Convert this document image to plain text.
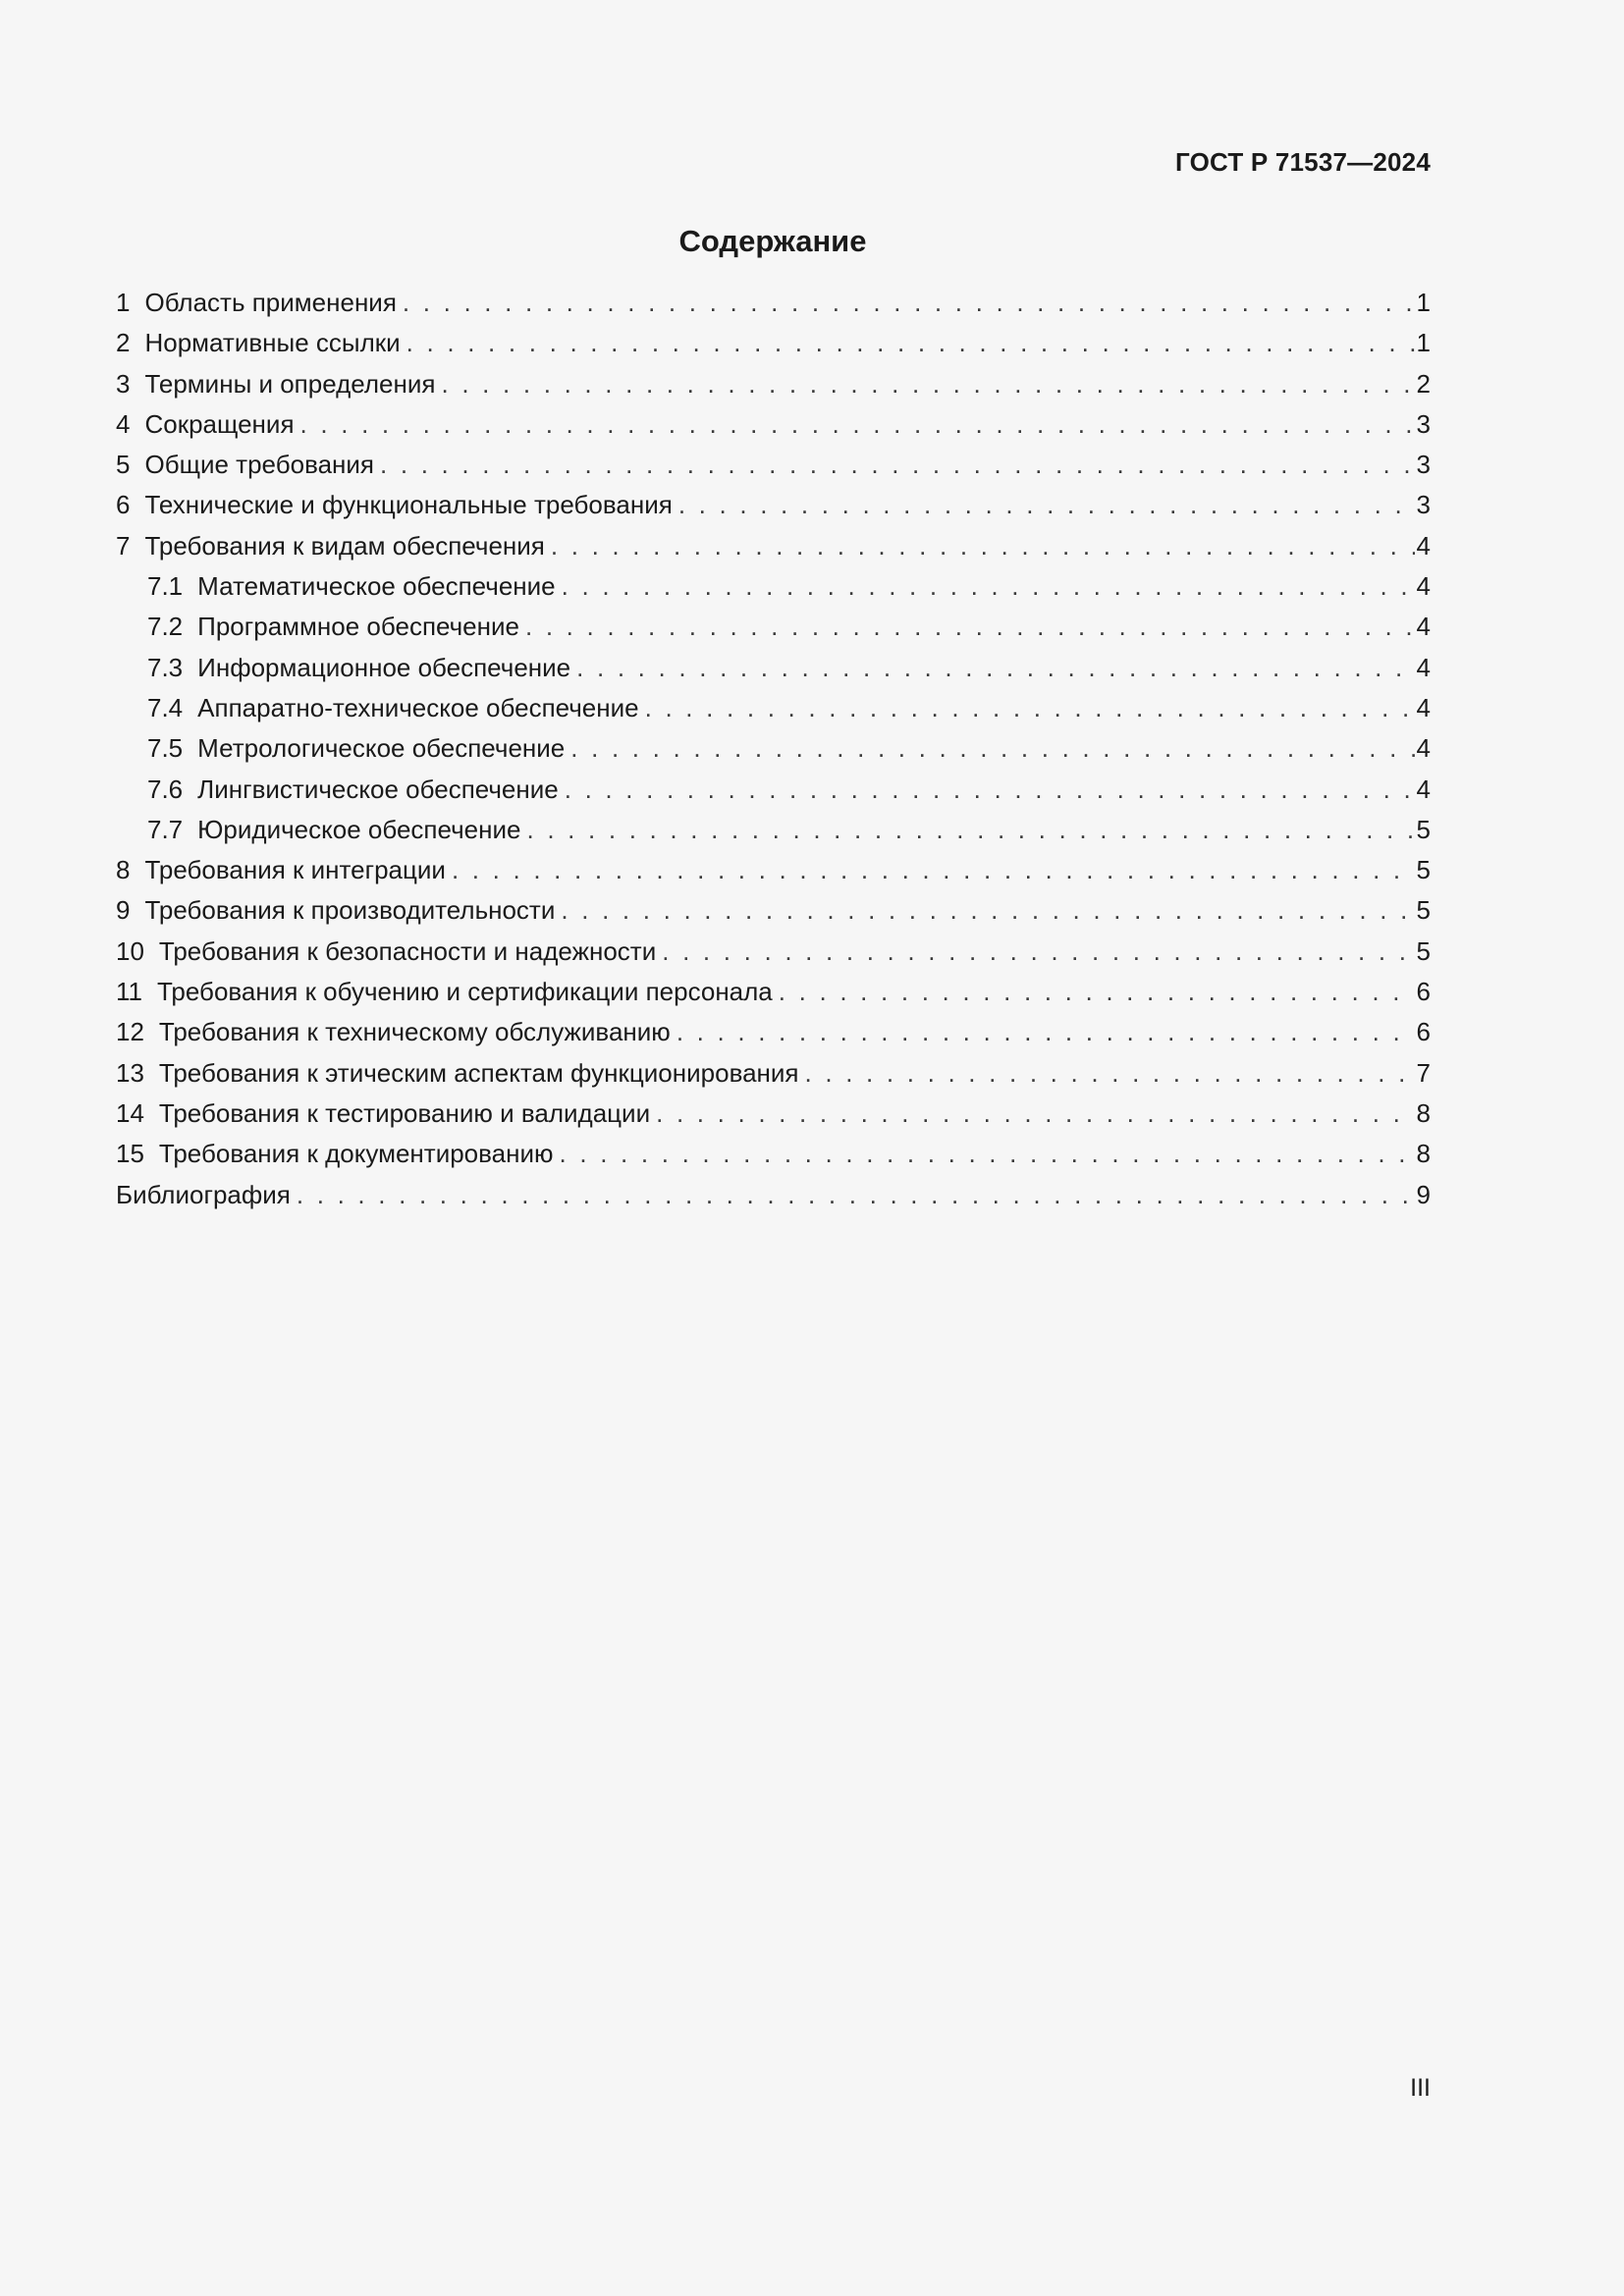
ГОСТ Р 71537—2024
Содержание
1 Область применения . . .	1
2 Нормативные ссылки . . .	1
3 Термины и определения . . .	2
4 Сокращения . . .	3
5 Общие требования . . .	3
6 Технические и функциональные требования . . .	3
7 Требования к видам обеспечения . . .	4
7.1 Математическое обеспечение . . .	4
7.2 Программное обеспечение . . .	4
7.3 Информационное обеспечение . . .	4
7.4 Аппаратно-техническое обеспечение . . .	4
7.5 Метрологическое обеспечение . . .	4
7.6 Лингвистическое обеспечение . . .	4
7.7 Юридическое обеспечение . . .	5
8 Требования к интеграции . . .	5
9 Требования к производительности . . .	5
10 Требования к безопасности и надежности . . .	5
11 Требования к обучению и сертификации персонала . . .	6
12 Требования к техническому обслуживанию . . .	6
13 Требования к этическим аспектам функционирования . . .	7
14 Требования к тестированию и валидации . . .	8
15 Требования к документированию . . .	8
Библиография . . .	9
III
